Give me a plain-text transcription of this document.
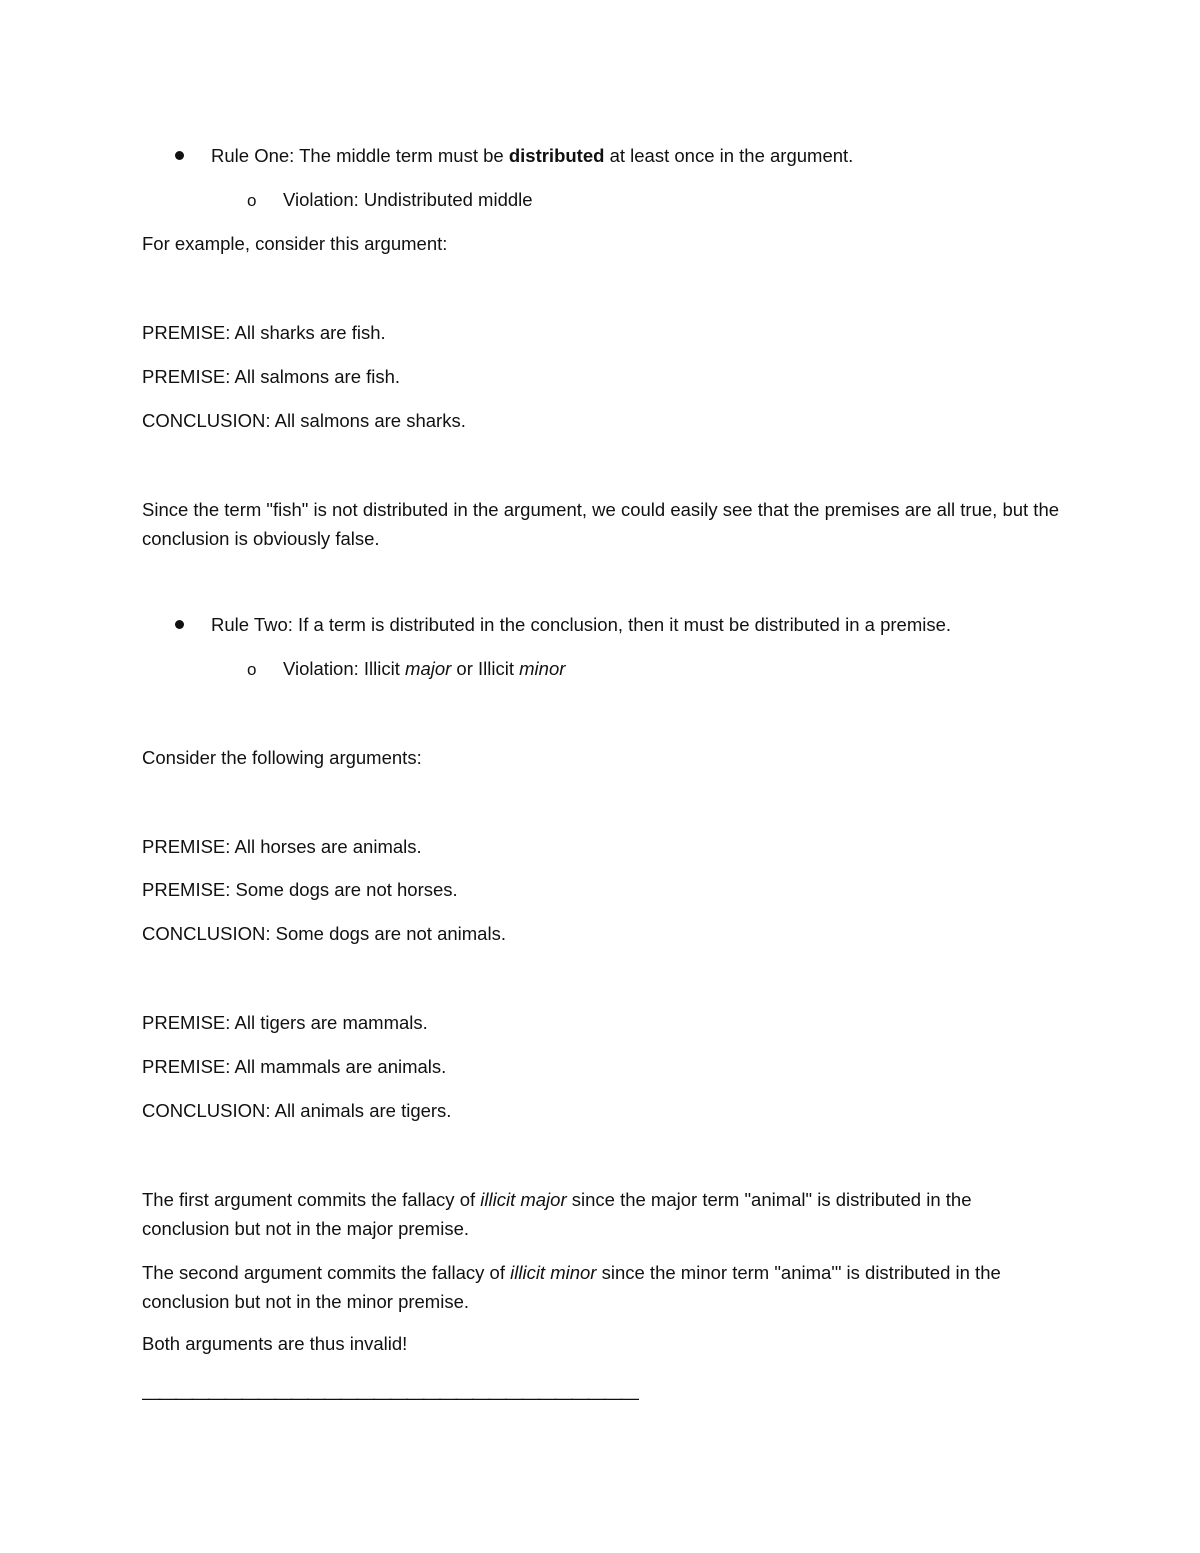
Rule One: The middle term must be distributed at least once in the argument.
o Violation: Undistributed middle
For example, consider this argument:
PREMISE: All sharks are fish.
PREMISE: All salmons are fish.
CONCLUSION: All salmons are sharks.
Since the term "fish" is not distributed in the argument, we could easily see that the premises are all true, but the conclusion is obviously false.
Rule Two: If a term is distributed in the conclusion, then it must be distributed in a premise.
o Violation: Illicit major or Illicit minor
Consider the following arguments:
PREMISE: All horses are animals.
PREMISE: Some dogs are not horses.
CONCLUSION: Some dogs are not animals.
PREMISE: All tigers are mammals.
PREMISE: All mammals are animals.
CONCLUSION: All animals are tigers.
The first argument commits the fallacy of illicit major since the major term "animal" is distributed in the conclusion but not in the major premise.
The second argument commits the fallacy of illicit minor since the minor term "anima'" is distributed in the conclusion but not in the minor premise.
Both arguments are thus invalid!
——————————————————————————————
